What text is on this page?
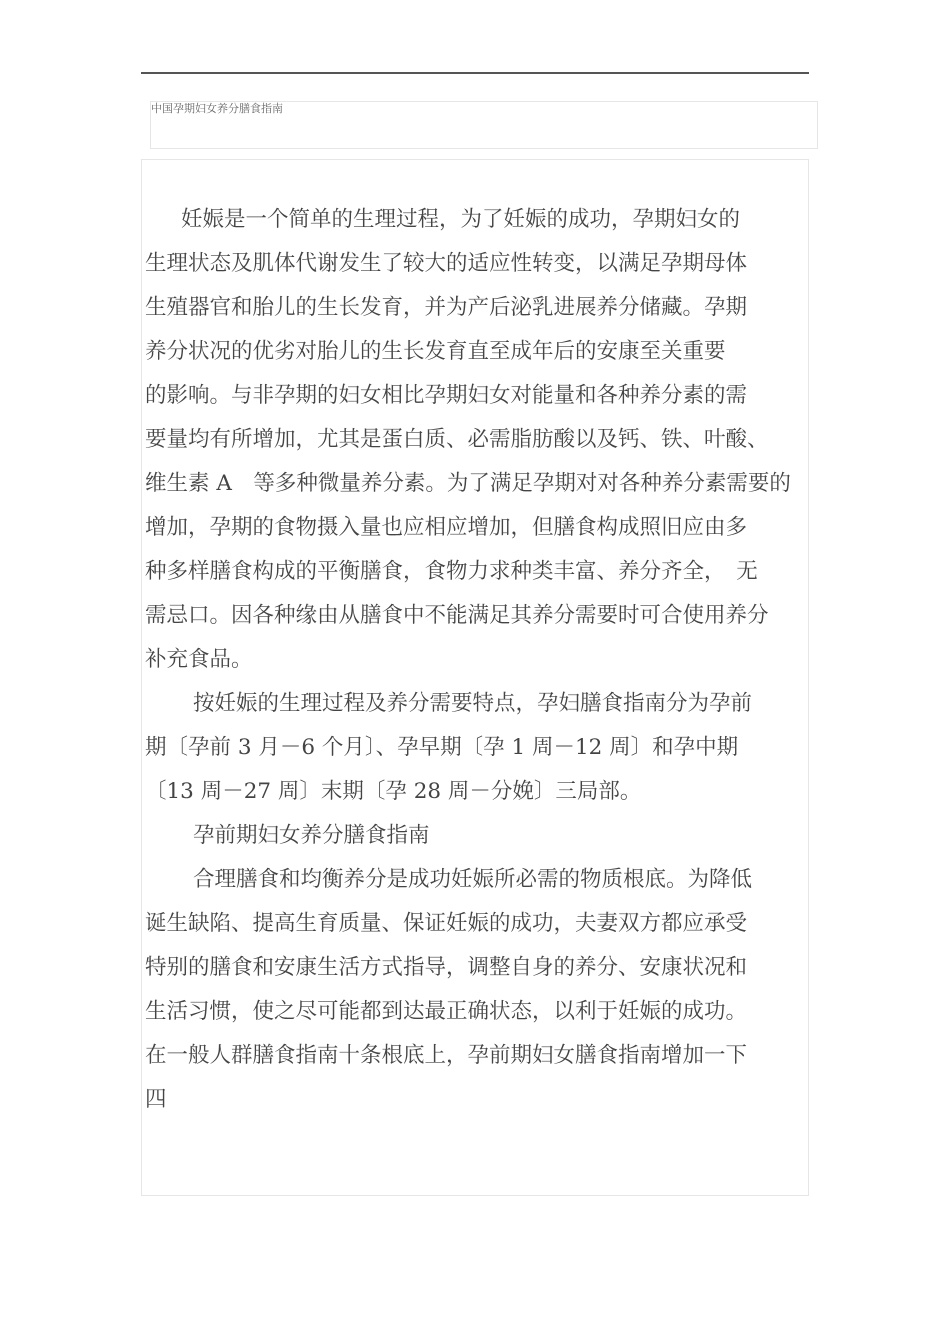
中国孕期妇女养分膳食指南

妊娠是一个简单的生理过程，为了妊娠的成功，孕期妇女的

生理状态及肌体代谢发生了较大的适应性转变，以满足孕期母体

生殖器官和胎儿的生长发育，并为产后泌乳进展养分储藏。孕期

养分状况的优劣对胎儿的生长发育直至成年后的安康至关重要

的影响。与非孕期的妇女相比孕期妇女对能量和各种养分素的需

要量均有所增加，尤其是蛋白质、必需脂肪酸以及钙、铁、叶酸、

维生素 A　等多种微量养分素。为了满足孕期对对各种养分素需要的

增加，孕期的食物摄入量也应相应增加，但膳食构成照旧应由多

种多样膳食构成的平衡膳食，食物力求种类丰富、养分齐全，　无

需忌口。因各种缘由从膳食中不能满足其养分需要时可合使用养分

补充食品。

按妊娠的生理过程及养分需要特点，孕妇膳食指南分为孕前

期〔孕前 3 月－6 个月〕、孕早期〔孕 1 周－12 周〕和孕中期

〔13 周－27 周〕末期〔孕 28 周－分娩〕三局部。

孕前期妇女养分膳食指南

合理膳食和均衡养分是成功妊娠所必需的物质根底。为降低

诞生缺陷、提高生育质量、保证妊娠的成功，夫妻双方都应承受

特别的膳食和安康生活方式指导，调整自身的养分、安康状况和

生活习惯，使之尽可能都到达最正确状态，以利于妊娠的成功。

在一般人群膳食指南十条根底上，孕前期妇女膳食指南增加一下

四
